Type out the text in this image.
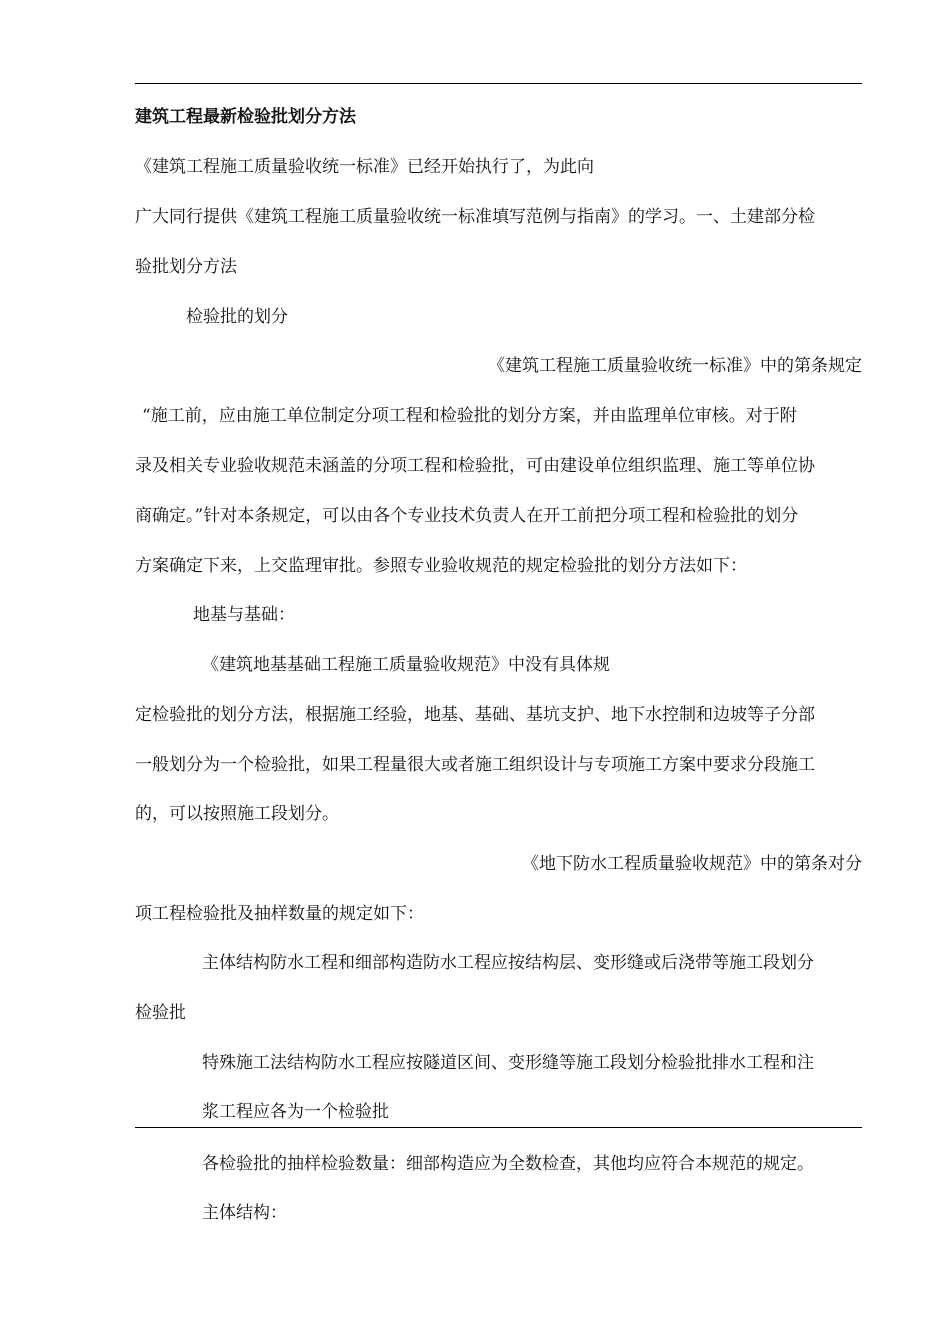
建筑工程最新检验批划分方法
《建筑工程施工质量验收统一标准》已经开始执行了，为此向
广大同行提供《建筑工程施工质量验收统一标准填写范例与指南》的学习。一、土建部分检
验批划分方法
检验批的划分
《建筑工程施工质量验收统一标准》中的第条规定
“施工前，应由施工单位制定分项工程和检验批的划分方案，并由监理单位审核。对于附
录及相关专业验收规范未涵盖的分项工程和检验批，可由建设单位组织监理、施工等单位协
商确定。”针对本条规定，可以由各个专业技术负责人在开工前把分项工程和检验批的划分
方案确定下来，上交监理审批。参照专业验收规范的规定检验批的划分方法如下：
地基与基础：
《建筑地基基础工程施工质量验收规范》中没有具体规
定检验批的划分方法，根据施工经验，地基、基础、基坑支护、地下水控制和边坡等子分部
一般划分为一个检验批，如果工程量很大或者施工组织设计与专项施工方案中要求分段施工
的，可以按照施工段划分。
《地下防水工程质量验收规范》中的第条对分
项工程检验批及抽样数量的规定如下：
主体结构防水工程和细部构造防水工程应按结构层、变形缝或后浇带等施工段划分
检验批
特殊施工法结构防水工程应按隧道区间、变形缝等施工段划分检验批排水工程和注
浆工程应各为一个检验批
各检验批的抽样检验数量：细部构造应为全数检查，其他均应符合本规范的规定。
主体结构：
